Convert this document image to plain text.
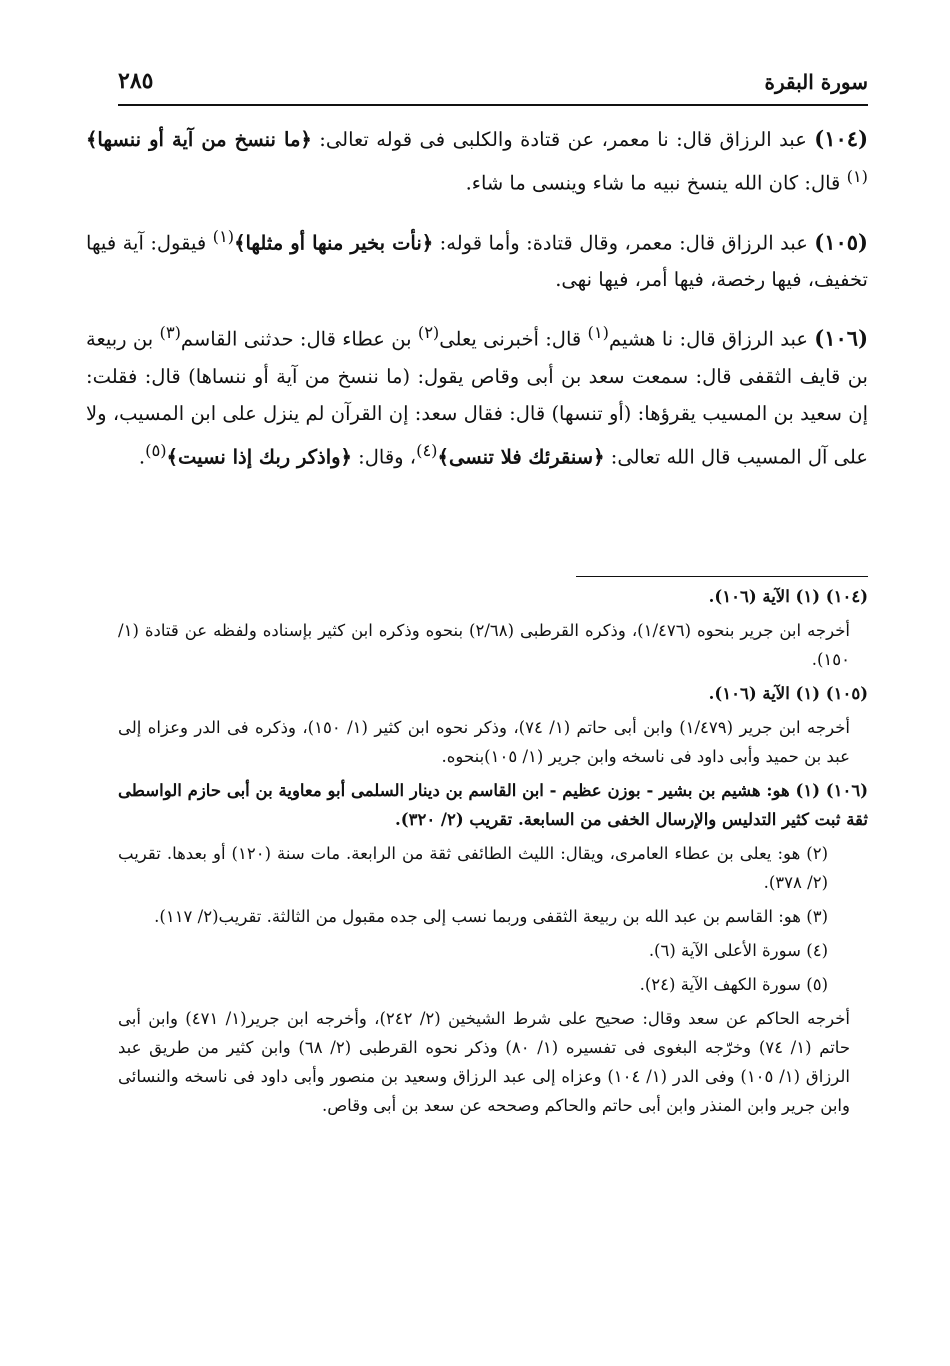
سورة البقرة
٢٨٥

(١٠٤) عبد الرزاق قال: نا معمر، عن قتادة والكلبى فى قوله تعالى: ﴿ما ننسخ من آية أو ننسها﴾$^{(١)}$ قال: كان الله ينسخ نبيه ما شاء وينسى ما شاء.

(١٠٥) عبد الرزاق قال: معمر، وقال قتادة: وأما قوله: ﴿نأت بخير منها أو مثلها﴾$^{(١)}$ فيقول: آية فيها تخفيف، فيها رخصة، فيها أمر، فيها نهى.

(١٠٦) عبد الرزاق قال: نا هشيم$^{(١)}$ قال: أخبرنى يعلى$^{(٢)}$ بن عطاء قال: حدثنى القاسم$^{(٣)}$ بن ربيعة بن قايف الثقفى قال: سمعت سعد بن أبى وقاص يقول: (ما ننسخ من آية أو ننساها) قال: فقلت: إن سعيد بن المسيب يقرؤها: (أو تنسها) قال: فقال سعد: إن القرآن لم ينزل على ابن المسيب، ولا على آل المسيب قال الله تعالى: ﴿سنقرئك فلا تنسى﴾$^{(٤)}$، وقال: ﴿واذكر ربك إذا نسيت﴾$^{(٥)}$.

(١٠٤) (١) الآية (١٠٦).

أخرجه ابن جرير بنحوه (١/٤٧٦)، وذكره القرطبى (٢/٦٨) بنحوه وذكره ابن كثير بإسناده ولفظه عن قتادة (١/ ١٥٠).

(١٠٥) (١) الآية (١٠٦).

أخرجه ابن جرير (١/٤٧٩) وابن أبى حاتم (١/ ٧٤)، وذكر نحوه ابن كثير (١/ ١٥٠)، وذكره فى الدر وعزاه إلى عبد بن حميد وأبى داود فى ناسخه وابن جرير (١/ ١٠٥)بنحوه.

(١٠٦) (١) هو: هشيم بن بشير - بوزن عظيم - ابن القاسم بن دينار السلمى أبو معاوية بن أبى حازم الواسطى ثقة ثبت كثير التدليس والإرسال الخفى من السابعة. تقريب (٢/ ٣٢٠).

(٢) هو: يعلى بن عطاء العامرى، ويقال: الليث الطائفى ثقة من الرابعة. مات سنة (١٢٠) أو بعدها. تقريب (٢/ ٣٧٨).

(٣) هو: القاسم بن عبد الله بن ربيعة الثقفى وربما نسب إلى جده مقبول من الثالثة. تقريب(٢/ ١١٧).

(٤) سورة الأعلى الآية (٦).

(٥) سورة الكهف الآية (٢٤).

أخرجه الحاكم عن سعد وقال: صحيح على شرط الشيخين (٢/ ٢٤٢)، وأخرجه ابن جرير(١/ ٤٧١) وابن أبى حاتم (١/ ٧٤) وخرّجه البغوى فى تفسيره (١/ ٨٠) وذكر نحوه القرطبى (٢/ ٦٨) وابن كثير من طريق عبد الرزاق (١/ ١٠٥) وفى الدر (١/ ١٠٤) وعزاه إلى عبد الرزاق وسعيد بن منصور وأبى داود فى ناسخه والنسائى وابن جرير وابن المنذر وابن أبى حاتم والحاكم وصححه عن سعد بن أبى وقاص.
